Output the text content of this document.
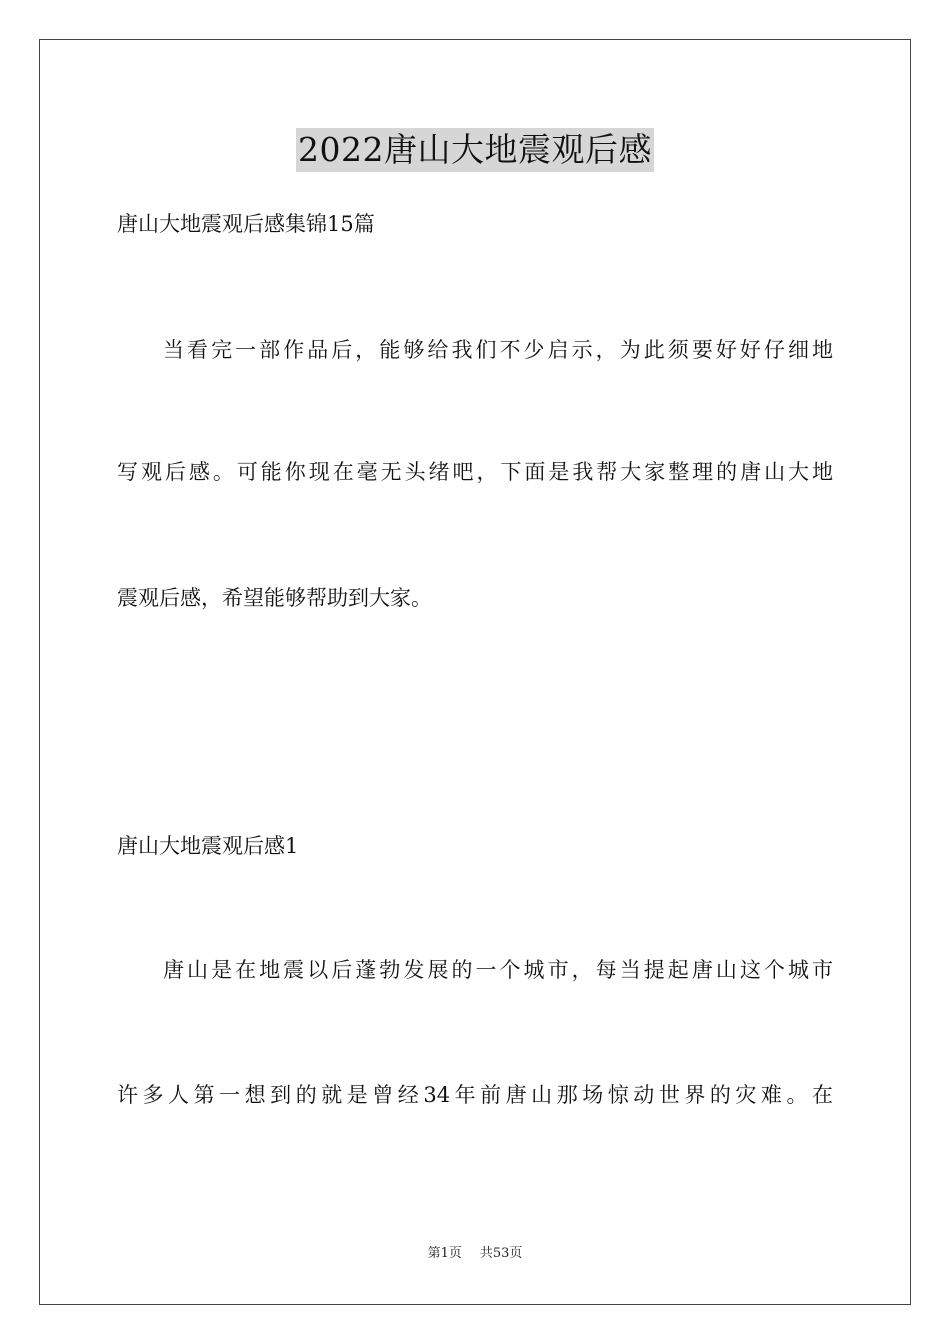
2022唐山大地震观后感
唐山大地震观后感集锦15篇
当看完一部作品后，能够给我们不少启示，为此须要好好仔细地
写观后感。可能你现在毫无头绪吧，下面是我帮大家整理的唐山大地
震观后感，希望能够帮助到大家。
唐山大地震观后感1
唐山是在地震以后蓬勃发展的一个城市，每当提起唐山这个城市
许多人第一想到的就是曾经34年前唐山那场惊动世界的灾难。在
第1页 共53页
